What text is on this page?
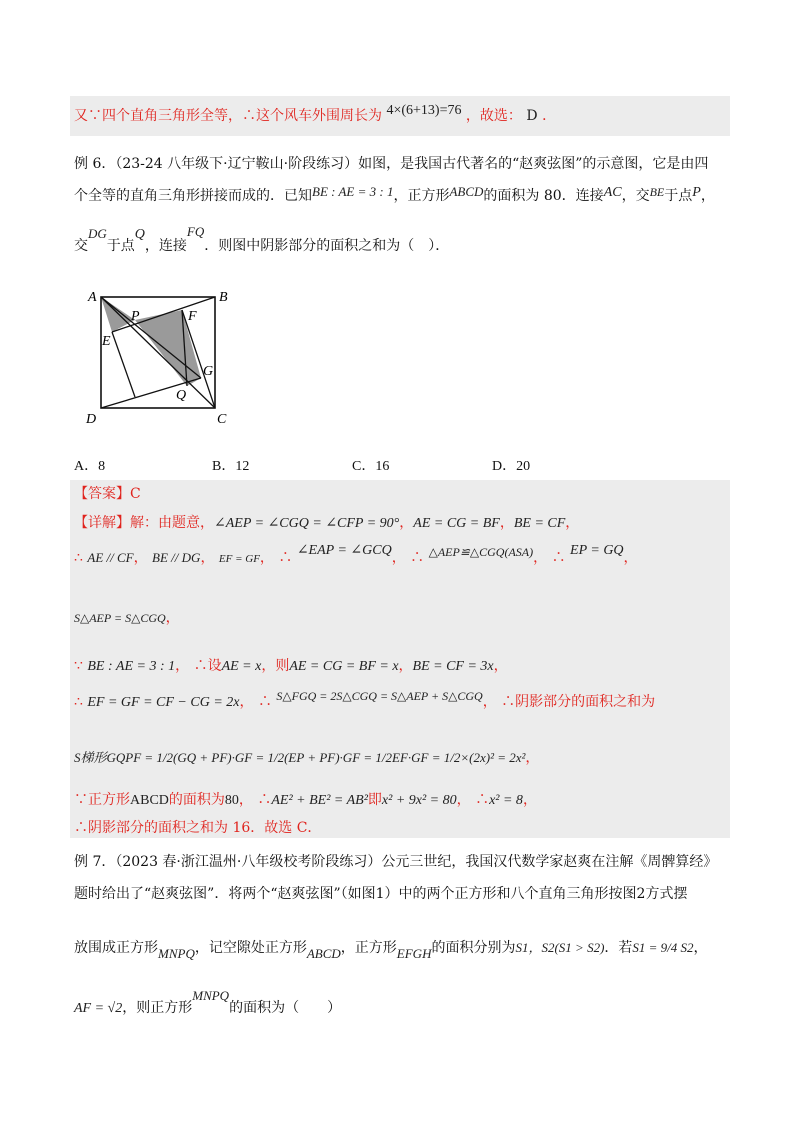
又∵四个直角三角形全等，∴这个风车外围周长为 4×(6+13)=76 ，故选： D ．
例 6．（23-24 八年级下·辽宁鞍山·阶段练习）如图，是我国古代著名的“赵爽弦图”的示意图，它是由四
个全等的直角三角形拼接而成的．已知BE : AE = 3 : 1，正方形ABCD的面积为 80．连接AC，交BE于点P，
交DG于点Q，连接FQ．则图中阴影部分的面积之和为（　）．
A	B
C
D
E
F
G
P
Q
A．8	B．12	C．16	D．20
【答案】C
【详解】解：由题意，∠AEP = ∠CGQ = ∠CFP = 90°，AE = CG = BF，BE = CF，
∴ AE // CF， BE // DG， EF = GF， ∴ ∠EAP = ∠GCQ， ∴ △AEP≌△CGQ(ASA)， ∴ EP = GQ，
S△AEP = S△CGQ，
∵ BE : AE = 3 : 1， ∴设AE = x，则AE = CG = BF = x，BE = CF = 3x，
∴ EF = GF = CF − CG = 2x， ∴ S△FGQ = 2S△CGQ = S△AEP + S△CGQ， ∴阴影部分的面积之和为
S梯形GQPF = 1/2(GQ + PF)·GF = 1/2(EP + PF)·GF = 1/2EF·GF = 1/2×(2x)² = 2x²，
∵正方形ABCD的面积为80， ∴AE² + BE² = AB²即x² + 9x² = 80， ∴x² = 8，
∴阴影部分的面积之和为 16．故选 C．
例 7．（2023 春·浙江温州·八年级校考阶段练习）公元三世纪，我国汉代数学家赵爽在注解《周髀算经》
题时给出了“赵爽弦图”．将两个“赵爽弦图”（如图1）中的两个正方形和八个直角三角形按图2方式摆
放围成正方形MNPQ，记空隙处正方形ABCD，正方形EFGH的面积分别为S1，S2(S1 > S2)．若S1 = 9/4 S2，
AF = √2，则正方形MNPQ的面积为（　　）
